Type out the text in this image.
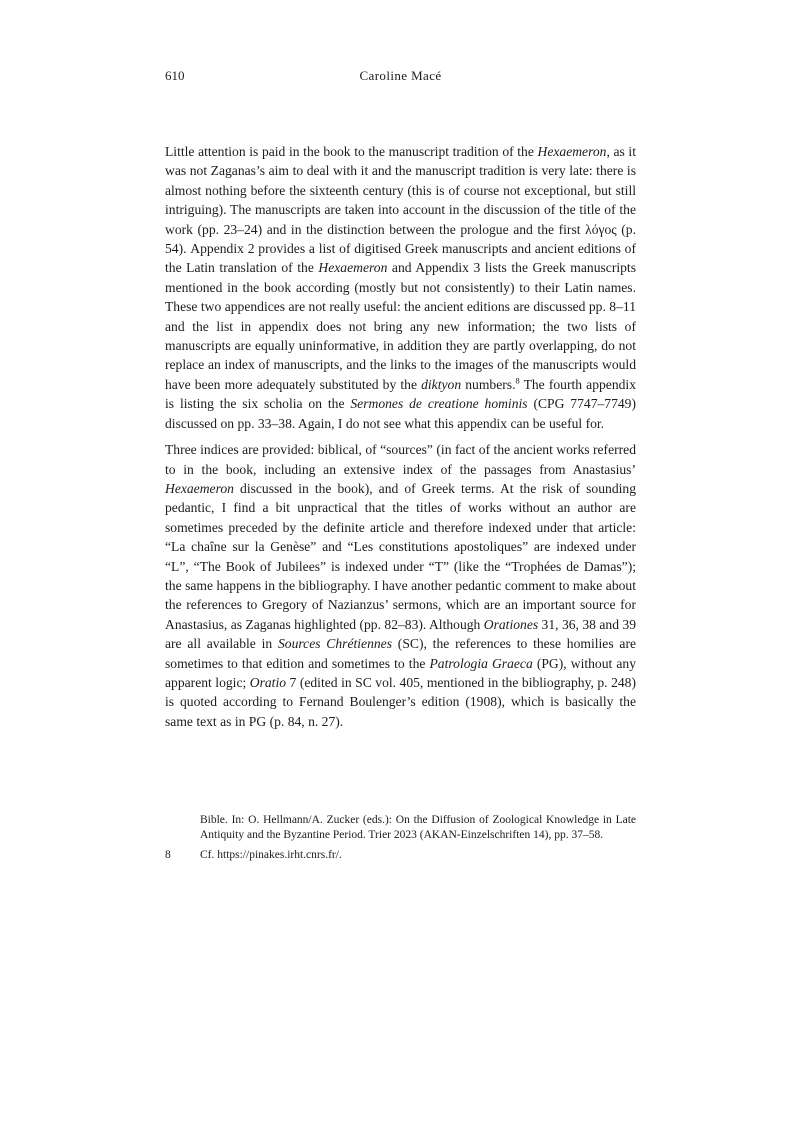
610	Caroline Macé

Little attention is paid in the book to the manuscript tradition of the Hexaemeron, as it was not Zaganas’s aim to deal with it and the manuscript tradition is very late: there is almost nothing before the sixteenth century (this is of course not exceptional, but still intriguing). The manuscripts are taken into account in the discussion of the title of the work (pp. 23–24) and in the distinction between the prologue and the first λόγος (p. 54). Appendix 2 provides a list of digitised Greek manuscripts and ancient editions of the Latin translation of the Hexaemeron and Appendix 3 lists the Greek manuscripts mentioned in the book according (mostly but not consistently) to their Latin names. These two appendices are not really useful: the ancient editions are discussed pp. 8–11 and the list in appendix does not bring any new information; the two lists of manuscripts are equally uninformative, in addition they are partly overlapping, do not replace an index of manuscripts, and the links to the images of the manuscripts would have been more adequately substituted by the diktyon numbers.$^8$ The fourth appendix is listing the six scholia on the Sermones de creatione hominis (CPG 7747–7749) discussed on pp. 33–38. Again, I do not see what this appendix can be useful for.

Three indices are provided: biblical, of “sources” (in fact of the ancient works referred to in the book, including an extensive index of the passages from Anastasius’ Hexaemeron discussed in the book), and of Greek terms. At the risk of sounding pedantic, I find a bit unpractical that the titles of works without an author are sometimes preceded by the definite article and therefore indexed under that article: “La chaîne sur la Genèse” and “Les constitutions apostoliques” are indexed under “L”, “The Book of Jubilees” is indexed under “T” (like the “Trophées de Damas”); the same happens in the bibliography. I have another pedantic comment to make about the references to Gregory of Nazianzus’ sermons, which are an important source for Anastasius, as Zaganas highlighted (pp. 82–83). Although Orationes 31, 36, 38 and 39 are all available in Sources Chrétiennes (SC), the references to these homilies are sometimes to that edition and sometimes to the Patrologia Graeca (PG), without any apparent logic; Oratio 7 (edited in SC vol. 405, mentioned in the bibliography, p. 248) is quoted according to Fernand Boulenger’s edition (1908), which is basically the same text as in PG (p. 84, n. 27).

Bible. In: O. Hellmann/A. Zucker (eds.): On the Diffusion of Zoological Knowledge in Late Antiquity and the Byzantine Period. Trier 2023 (AKAN-Einzelschriften 14), pp. 37–58.

8	Cf. https://pinakes.irht.cnrs.fr/.
